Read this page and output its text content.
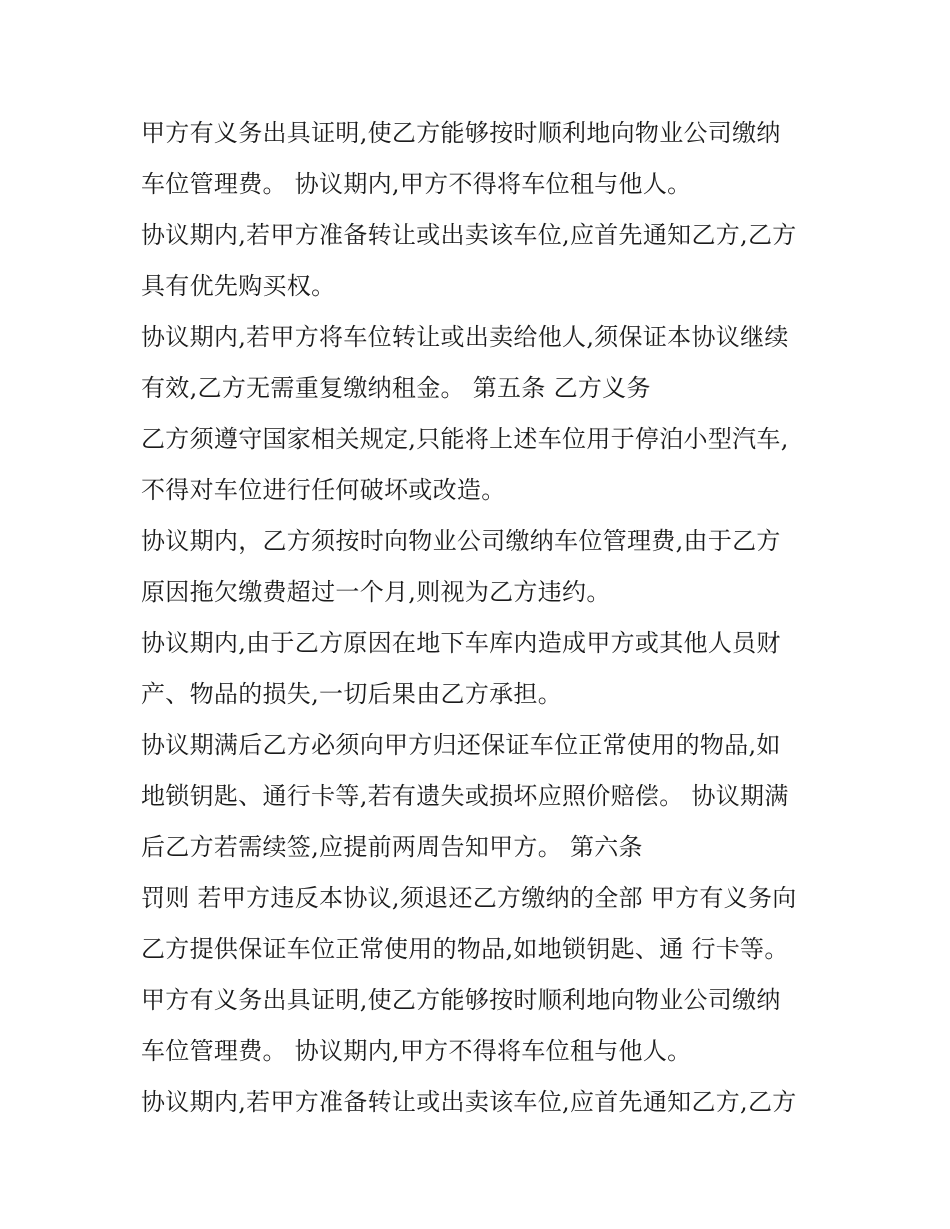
甲方有义务出具证明,使乙方能够按时顺利地向物业公司缴纳
车位管理费。 协议期内,甲方不得将车位租与他人。
协议期内,若甲方准备转让或出卖该车位,应首先通知乙方,乙方
具有优先购买权。
协议期内,若甲方将车位转让或出卖给他人,须保证本协议继续
有效,乙方无需重复缴纳租金。 第五条 乙方义务
乙方须遵守国家相关规定,只能将上述车位用于停泊小型汽车,
不得对车位进行任何破坏或改造。
协议期内，乙方须按时向物业公司缴纳车位管理费,由于乙方
原因拖欠缴费超过一个月,则视为乙方违约。
协议期内,由于乙方原因在地下车库内造成甲方或其他人员财
产、物品的损失,一切后果由乙方承担。
协议期满后乙方必须向甲方归还保证车位正常使用的物品,如
地锁钥匙、通行卡等,若有遗失或损坏应照价赔偿。 协议期满
后乙方若需续签,应提前两周告知甲方。 第六条
罚则 若甲方违反本协议,须退还乙方缴纳的全部 甲方有义务向
乙方提供保证车位正常使用的物品,如地锁钥匙、通 行卡等。
甲方有义务出具证明,使乙方能够按时顺利地向物业公司缴纳
车位管理费。 协议期内,甲方不得将车位租与他人。
协议期内,若甲方准备转让或出卖该车位,应首先通知乙方,乙方
